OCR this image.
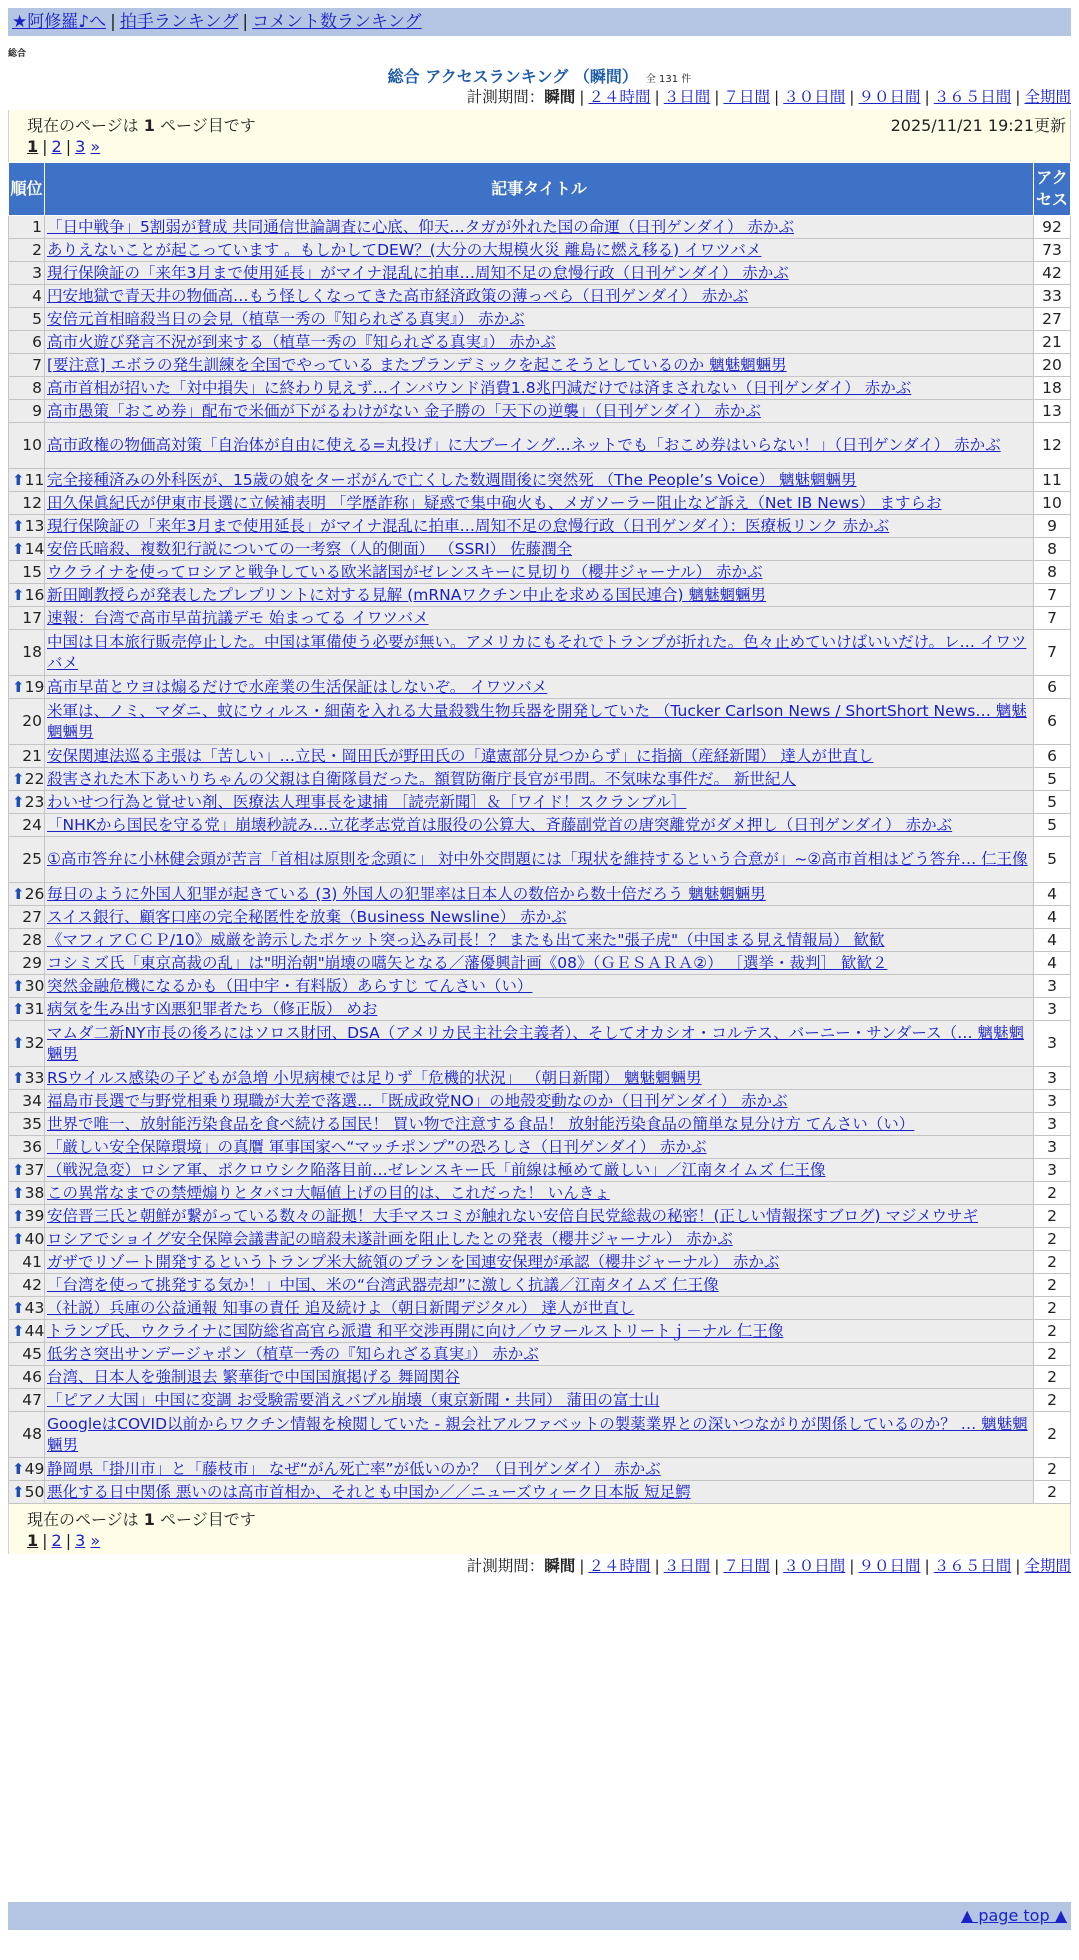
★阿修羅♪へ | 拍手ランキング | コメント数ランキング
総合
総合 アクセスランキング （瞬間） 全 131 件
計測期間：瞬間 | ２４時間 | ３日間 | ７日間 | ３０日間 | ９０日間 | ３６５日間 | 全期間
現在のページは 1 ページ目です	2025/11/21 19:21更新
1 | 2 | 3 »
順位	記事タイトル	アクセス
1	「日中戦争」5割弱が賛成 共同通信世論調査に心底、仰天…タガが外れた国の命運（日刊ゲンダイ） 赤かぶ	92
2	ありえないことが起こっています 。もしかしてDEW？(大分の大規模火災 離島に燃え移る) イワツバメ	73
3	現行保険証の「来年3月まで使用延長」がマイナ混乱に拍車…周知不足の怠慢行政（日刊ゲンダイ） 赤かぶ	42
4	円安地獄で青天井の物価高…もう怪しくなってきた高市経済政策の薄っぺら（日刊ゲンダイ） 赤かぶ	33
5	安倍元首相暗殺当日の会見（植草一秀の『知られざる真実』） 赤かぶ	27
6	高市火遊び発言不況が到来する（植草一秀の『知られざる真実』） 赤かぶ	21
7	[要注意] エボラの発生訓練を全国でやっている またプランデミックを起こそうとしているのか 魑魅魍魎男	20
8	高市首相が招いた「対中損失」に終わり見えず…インバウンド消費1.8兆円減だけでは済まされない（日刊ゲンダイ） 赤かぶ	18
9	高市愚策「おこめ券」配布で米価が下がるわけがない 金子勝の「天下の逆襲」（日刊ゲンダイ） 赤かぶ	13
10	高市政権の物価高対策「自治体が自由に使える=丸投げ」に大ブーイング…ネットでも「おこめ券はいらない！」（日刊ゲンダイ） 赤かぶ	12

⬆ 11	完全接種済みの外科医が、15歳の娘をターボがんで亡くした数週間後に突然死 （The People’s Voice） 魑魅魍魎男	11
12	田久保眞紀氏が伊東市長選に立候補表明 「学歴詐称」疑惑で集中砲火も、メガソーラー阻止など訴え（Net IB News） ますらお	10

⬆ 13	現行保険証の「来年3月まで使用延長」がマイナ混乱に拍車…周知不足の怠慢行政（日刊ゲンダイ）：医療板リンク 赤かぶ	9

⬆ 14	安倍氏暗殺、複数犯行説についての一考察（人的側面） （SSRI） 佐藤潤全	8
15	ウクライナを使ってロシアと戦争している欧米諸国がゼレンスキーに見切り（櫻井ジャーナル） 赤かぶ	8

⬆ 16	新田剛教授らが発表したプレプリントに対する見解 (mRNAワクチン中止を求める国民連合) 魑魅魍魎男	7
17	速報：台湾で高市早苗抗議デモ 始まってる イワツバメ	7
18	中国は日本旅行販売停止した。中国は軍備使う必要が無い。アメリカにもそれでトランプが折れた。色々止めていけばいいだけ。レ… イワツバメ	7

⬆ 19	高市早苗とウヨは煽るだけで水産業の生活保証はしないぞ。 イワツバメ	6
20	米軍は、ノミ、マダニ、蚊にウィルス・細菌を入れる大量殺戮生物兵器を開発していた （Tucker Carlson News / ShortShort News… 魑魅魍魎男	6
21	安保関連法巡る主張は「苦しい」…立民・岡田氏が野田氏の「違憲部分見つからず」に指摘（産経新聞） 達人が世直し	6

⬆ 22	殺害された木下あいりちゃんの父親は自衛隊員だった。額賀防衛庁長官が弔問。不気味な事件だ。 新世紀人	5

⬆ 23	わいせつ行為と覚せい剤、医療法人理事長を逮捕 ［読売新聞］＆［ワイド！スクランブル］	5
24	「NHKから国民を守る党」崩壊秒読み…立花孝志党首は服役の公算大、斉藤副党首の唐突離党がダメ押し（日刊ゲンダイ） 赤かぶ	5
25	①高市答弁に小林健会頭が苦言「首相は原則を念頭に」 対中外交問題には「現状を維持するという合意が」~②高市首相はどう答弁… 仁王像	5

⬆ 26	毎日のように外国人犯罪が起きている (3) 外国人の犯罪率は日本人の数倍から数十倍だろう 魑魅魍魎男	4
27	スイス銀行、顧客口座の完全秘匿性を放棄（Business Newsline） 赤かぶ	4
28	《マフィアＣＣＰ/10》威厳を誇示したポケット突っ込み司長！？ またも出て来た"張子虎"（中国まる見え情報局） 歓歓	4
29	コシミズ氏「東京高裁の乱」は"明治朝"崩壊の嚆矢となる／藩優興計画《08》（ＧＥＳＡＲＡ②） ［選挙・裁判］ 歓歓２	4

⬆ 30	突然金融危機になるかも（田中宇・有料版）あらすじ てんさい（い）	3

⬆ 31	病気を生み出す凶悪犯罪者たち（修正版） めお	3

⬆ 32	マムダ二新NY市長の後ろにはソロス財団、DSA（アメリカ民主社会主義者）、そしてオカシオ・コルテス、バーニー・サンダース（… 魑魅魍魎男	3

⬆ 33	RSウイルス感染の子どもが急増 小児病棟では足りず「危機的状況」 （朝日新聞） 魑魅魍魎男	3
34	福島市長選で与野党相乗り現職が大差で落選…「既成政党NO」の地殻変動なのか（日刊ゲンダイ） 赤かぶ	3
35	世界で唯一、放射能汚染食品を食べ続ける国民！ 買い物で注意する食品！ 放射能汚染食品の簡単な見分け方 てんさい（い）	3
36	「厳しい安全保障環境」の真贋 軍事国家へ“マッチポンプ”の恐ろしさ（日刊ゲンダイ） 赤かぶ	3

⬆ 37	（戦況急変）ロシア軍、ポクロウシク陥落目前…ゼレンスキー氏「前線は極めて厳しい」／江南タイムズ 仁王像	3

⬆ 38	この異常なまでの禁煙煽りとタバコ大幅値上げの目的は、これだった！ いんきょ	2

⬆ 39	安倍晋三氏と朝鮮が繋がっている数々の証拠！大手マスコミが触れない安倍自民党総裁の秘密！(正しい情報探すブログ) マジメウサギ	2

⬆ 40	ロシアでショイグ安全保障会議書記の暗殺未遂計画を阻止したとの発表（櫻井ジャーナル） 赤かぶ	2
41	ガザでリゾート開発するというトランプ米大統領のプランを国連安保理が承認（櫻井ジャーナル） 赤かぶ	2
42	「台湾を使って挑発する気か！」中国、米の“台湾武器売却”に激しく抗議／江南タイムズ 仁王像	2

⬆ 43	（社説）兵庫の公益通報 知事の責任 追及続けよ（朝日新聞デジタル） 達人が世直し	2

⬆ 44	トランプ氏、ウクライナに国防総省高官ら派遣 和平交渉再開に向け／ウヲールストリートｊ－ナル 仁王像	2
45	低劣さ突出サンデージャポン（植草一秀の『知られざる真実』） 赤かぶ	2
46	台湾、日本人を強制退去 繁華街で中国国旗掲げる 舞岡関谷	2
47	「ピアノ大国」中国に変調 お受験需要消えバブル崩壊（東京新聞・共同） 蒲田の富士山	2
48	GoogleはCOVID以前からワクチン情報を検閲していた - 親会社アルファベットの製薬業界との深いつながりが関係しているのか？ … 魑魅魍魎男	2

⬆ 49	静岡県「掛川市」と「藤枝市」 なぜ“がん死亡率”が低いのか？（日刊ゲンダイ） 赤かぶ	2

⬆ 50	悪化する日中関係 悪いのは高市首相か、それとも中国か／／ニューズウィーク日本版 短足鰐	2
現在のページは 1 ページ目です
1 | 2 | 3 »
計測期間：瞬間 | ２４時間 | ３日間 | ７日間 | ３０日間 | ９０日間 | ３６５日間 | 全期間
▲ page top ▲
